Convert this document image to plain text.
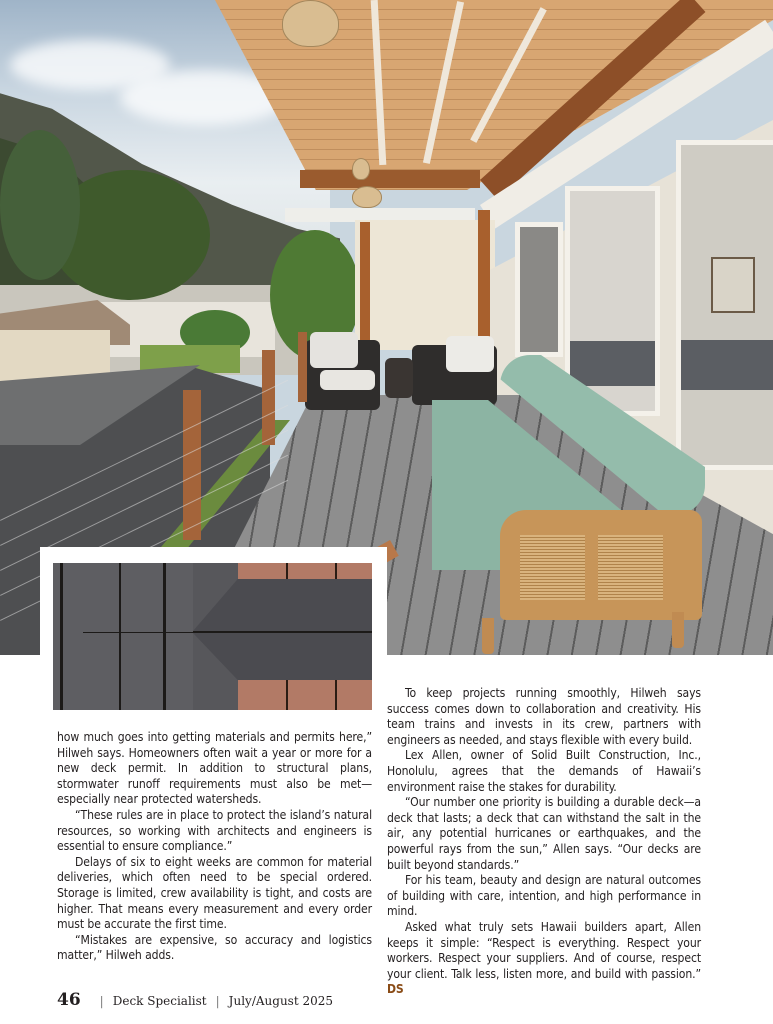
how much goes into getting materials and permits here,” Hilweh says. Homeowners often wait a year or more for a new deck permit. In addition to structural plans, stormwater runoff requirements must also be met—especially near protected watersheds.

“These rules are in place to protect the island’s natural resources, so working with architects and engineers is essential to ensure compliance.”

Delays of six to eight weeks are common for material deliveries, which often need to be special ordered. Storage is limited, crew availability is tight, and costs are higher. That means every measurement and every order must be accurate the first time.

“Mistakes are expensive, so accuracy and logistics matter,” Hilweh adds.

To keep projects running smoothly, Hilweh says success comes down to collaboration and creativity. His team trains and invests in its crew, partners with engineers as needed, and stays flexible with every build.

Lex Allen, owner of Solid Built Construction, Inc., Honolulu, agrees that the demands of Hawaii’s environment raise the stakes for durability.

“Our number one priority is building a durable deck—a deck that lasts; a deck that can withstand the salt in the air, any potential hurricanes or earthquakes, and the powerful rays from the sun,” Allen says. “Our decks are built beyond standards.”

For his team, beauty and design are natural outcomes of building with care, intention, and high performance in mind.

Asked what truly sets Hawaii builders apart, Allen keeps it simple: “Respect is everything. Respect your workers. Respect your suppliers. And of course, respect your client. Talk less, listen more, and build with passion.” DS

46 | Deck Specialist | July/August 2025
